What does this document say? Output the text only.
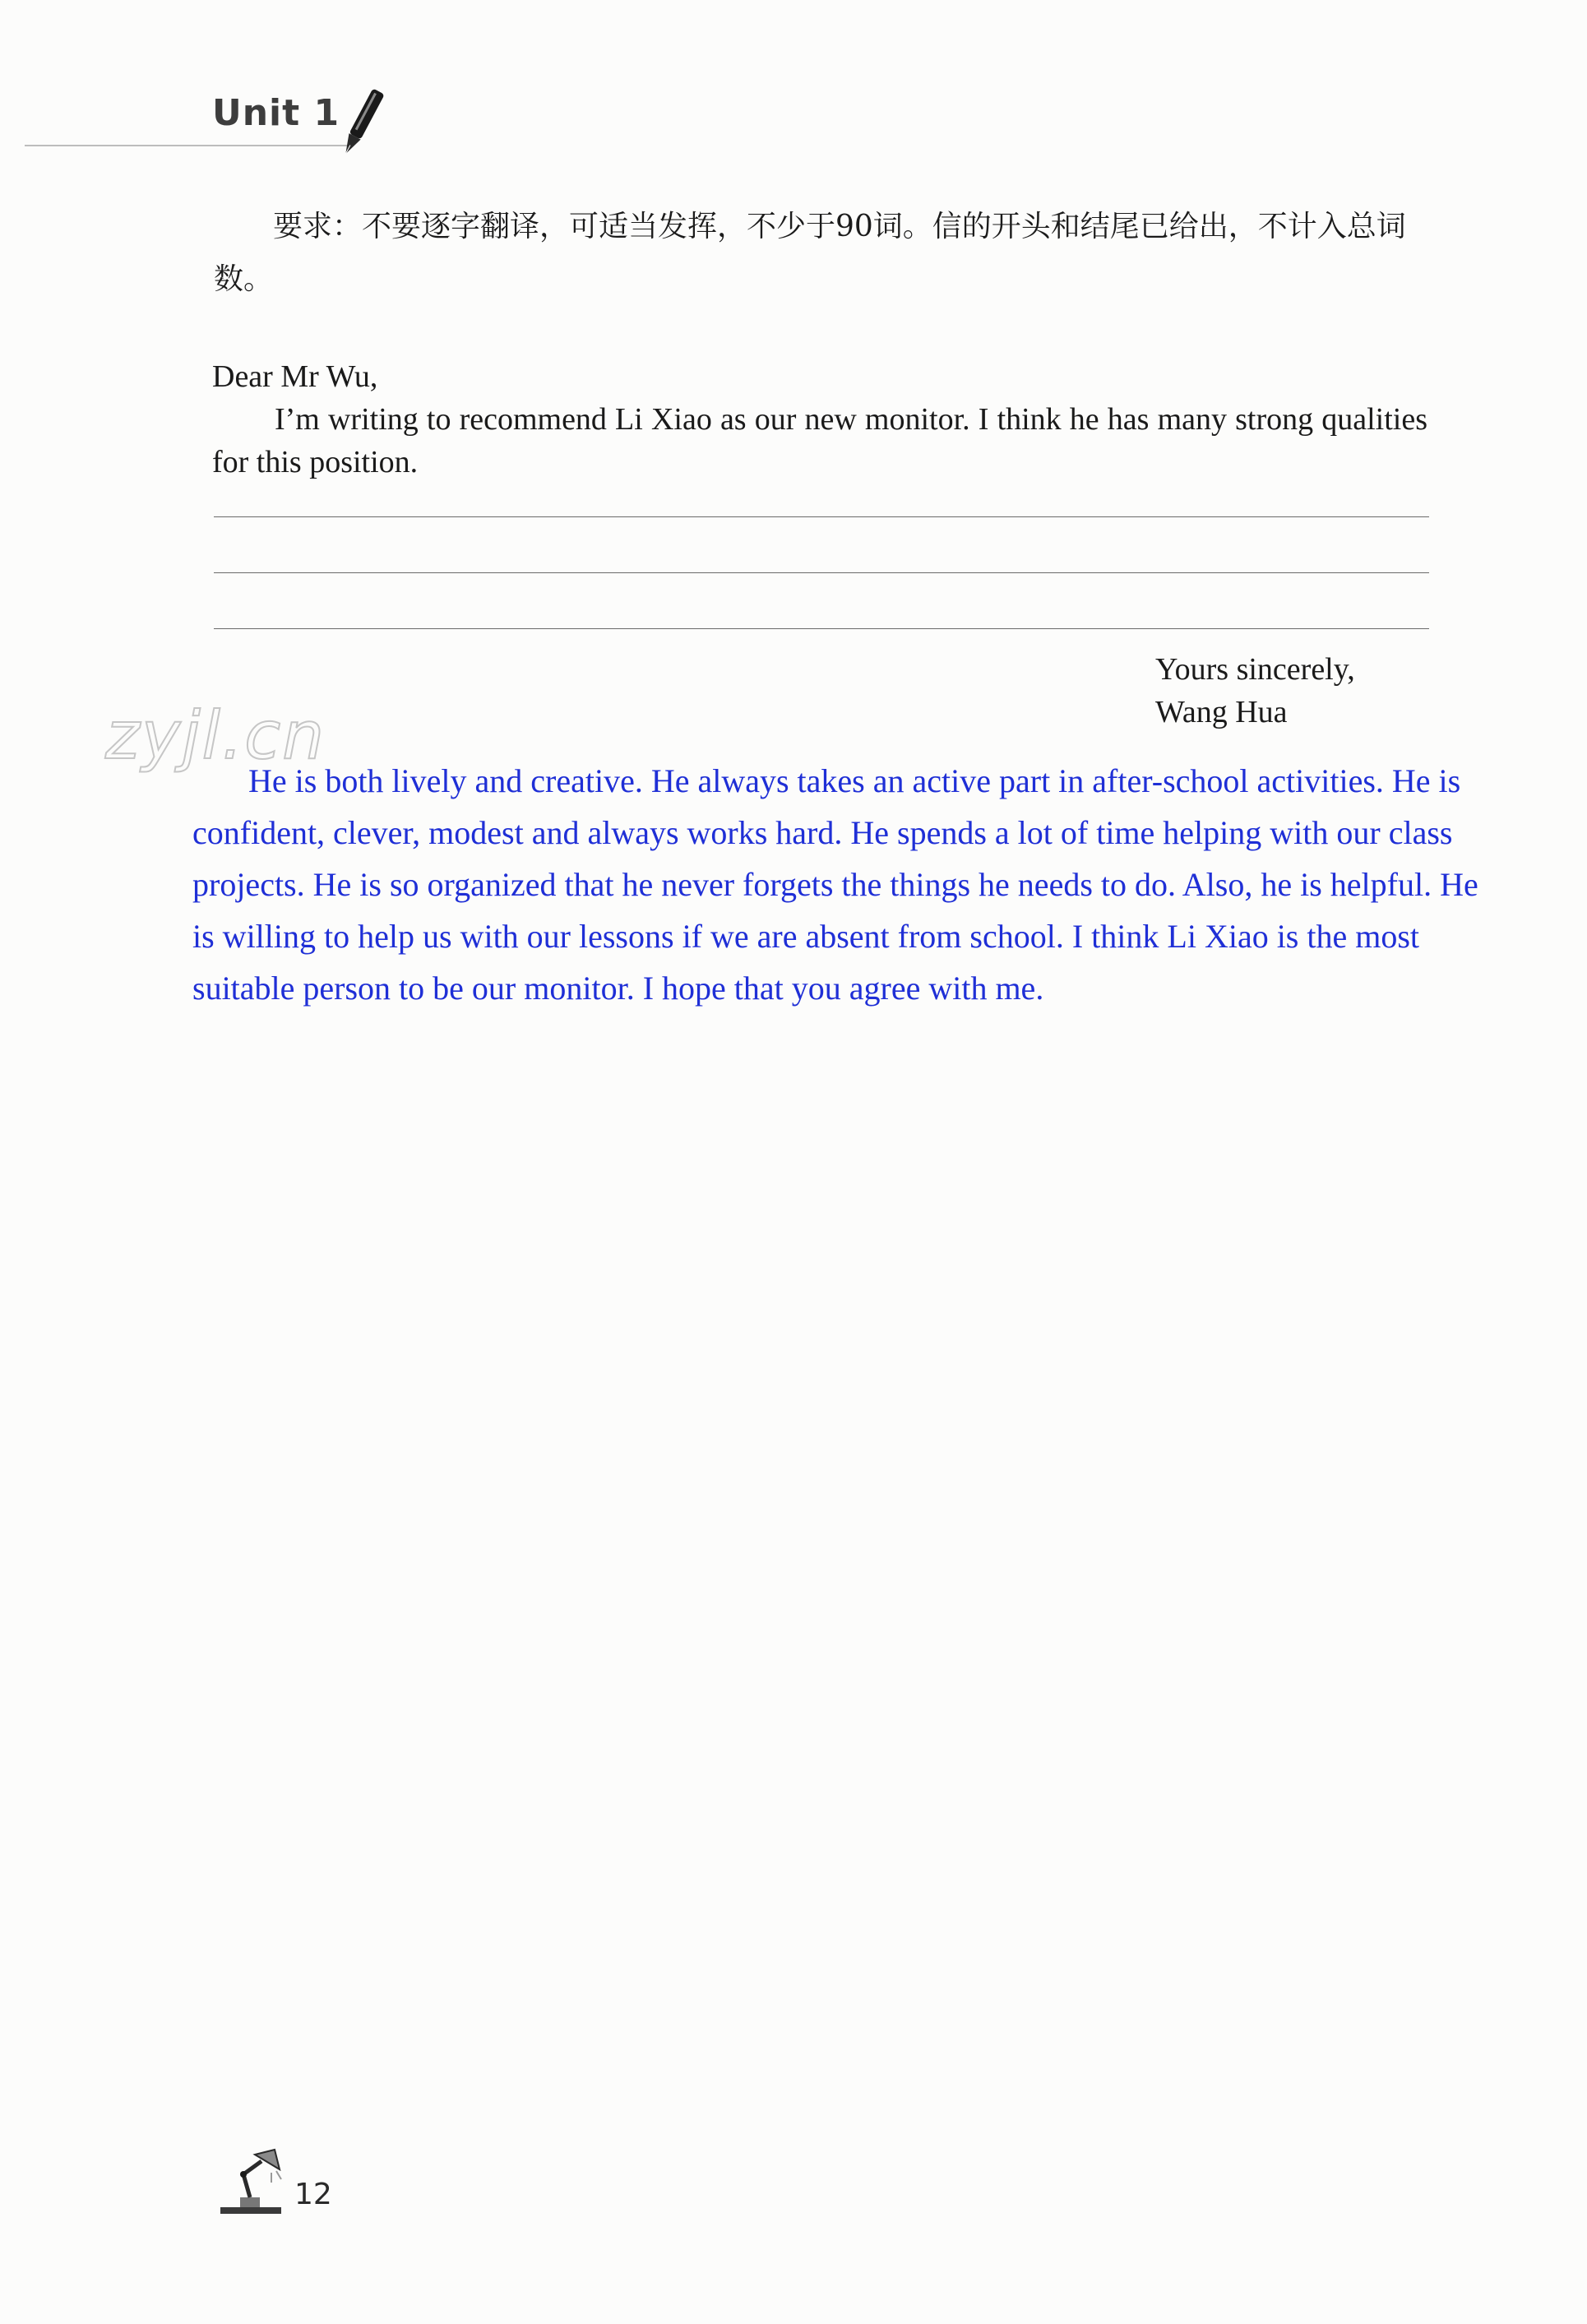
Unit 1
要求：不要逐字翻译，可适当发挥，不少于90词。信的开头和结尾已给出，不计入总词数。
Dear Mr Wu,
I’m writing to recommend Li Xiao as our new monitor. I think he has many strong qualities for this position.
Yours sincerely,
Wang Hua
zyjl.cn
He is both lively and creative. He always takes an active part in after-school activities. He is confident, clever, modest and always works hard. He spends a lot of time helping with our class projects. He is so organized that he never forgets the things he needs to do. Also, he is helpful. He is willing to help us with our lessons if we are absent from school. I think Li Xiao is the most suitable person to be our monitor. I hope that you agree with me.
12
